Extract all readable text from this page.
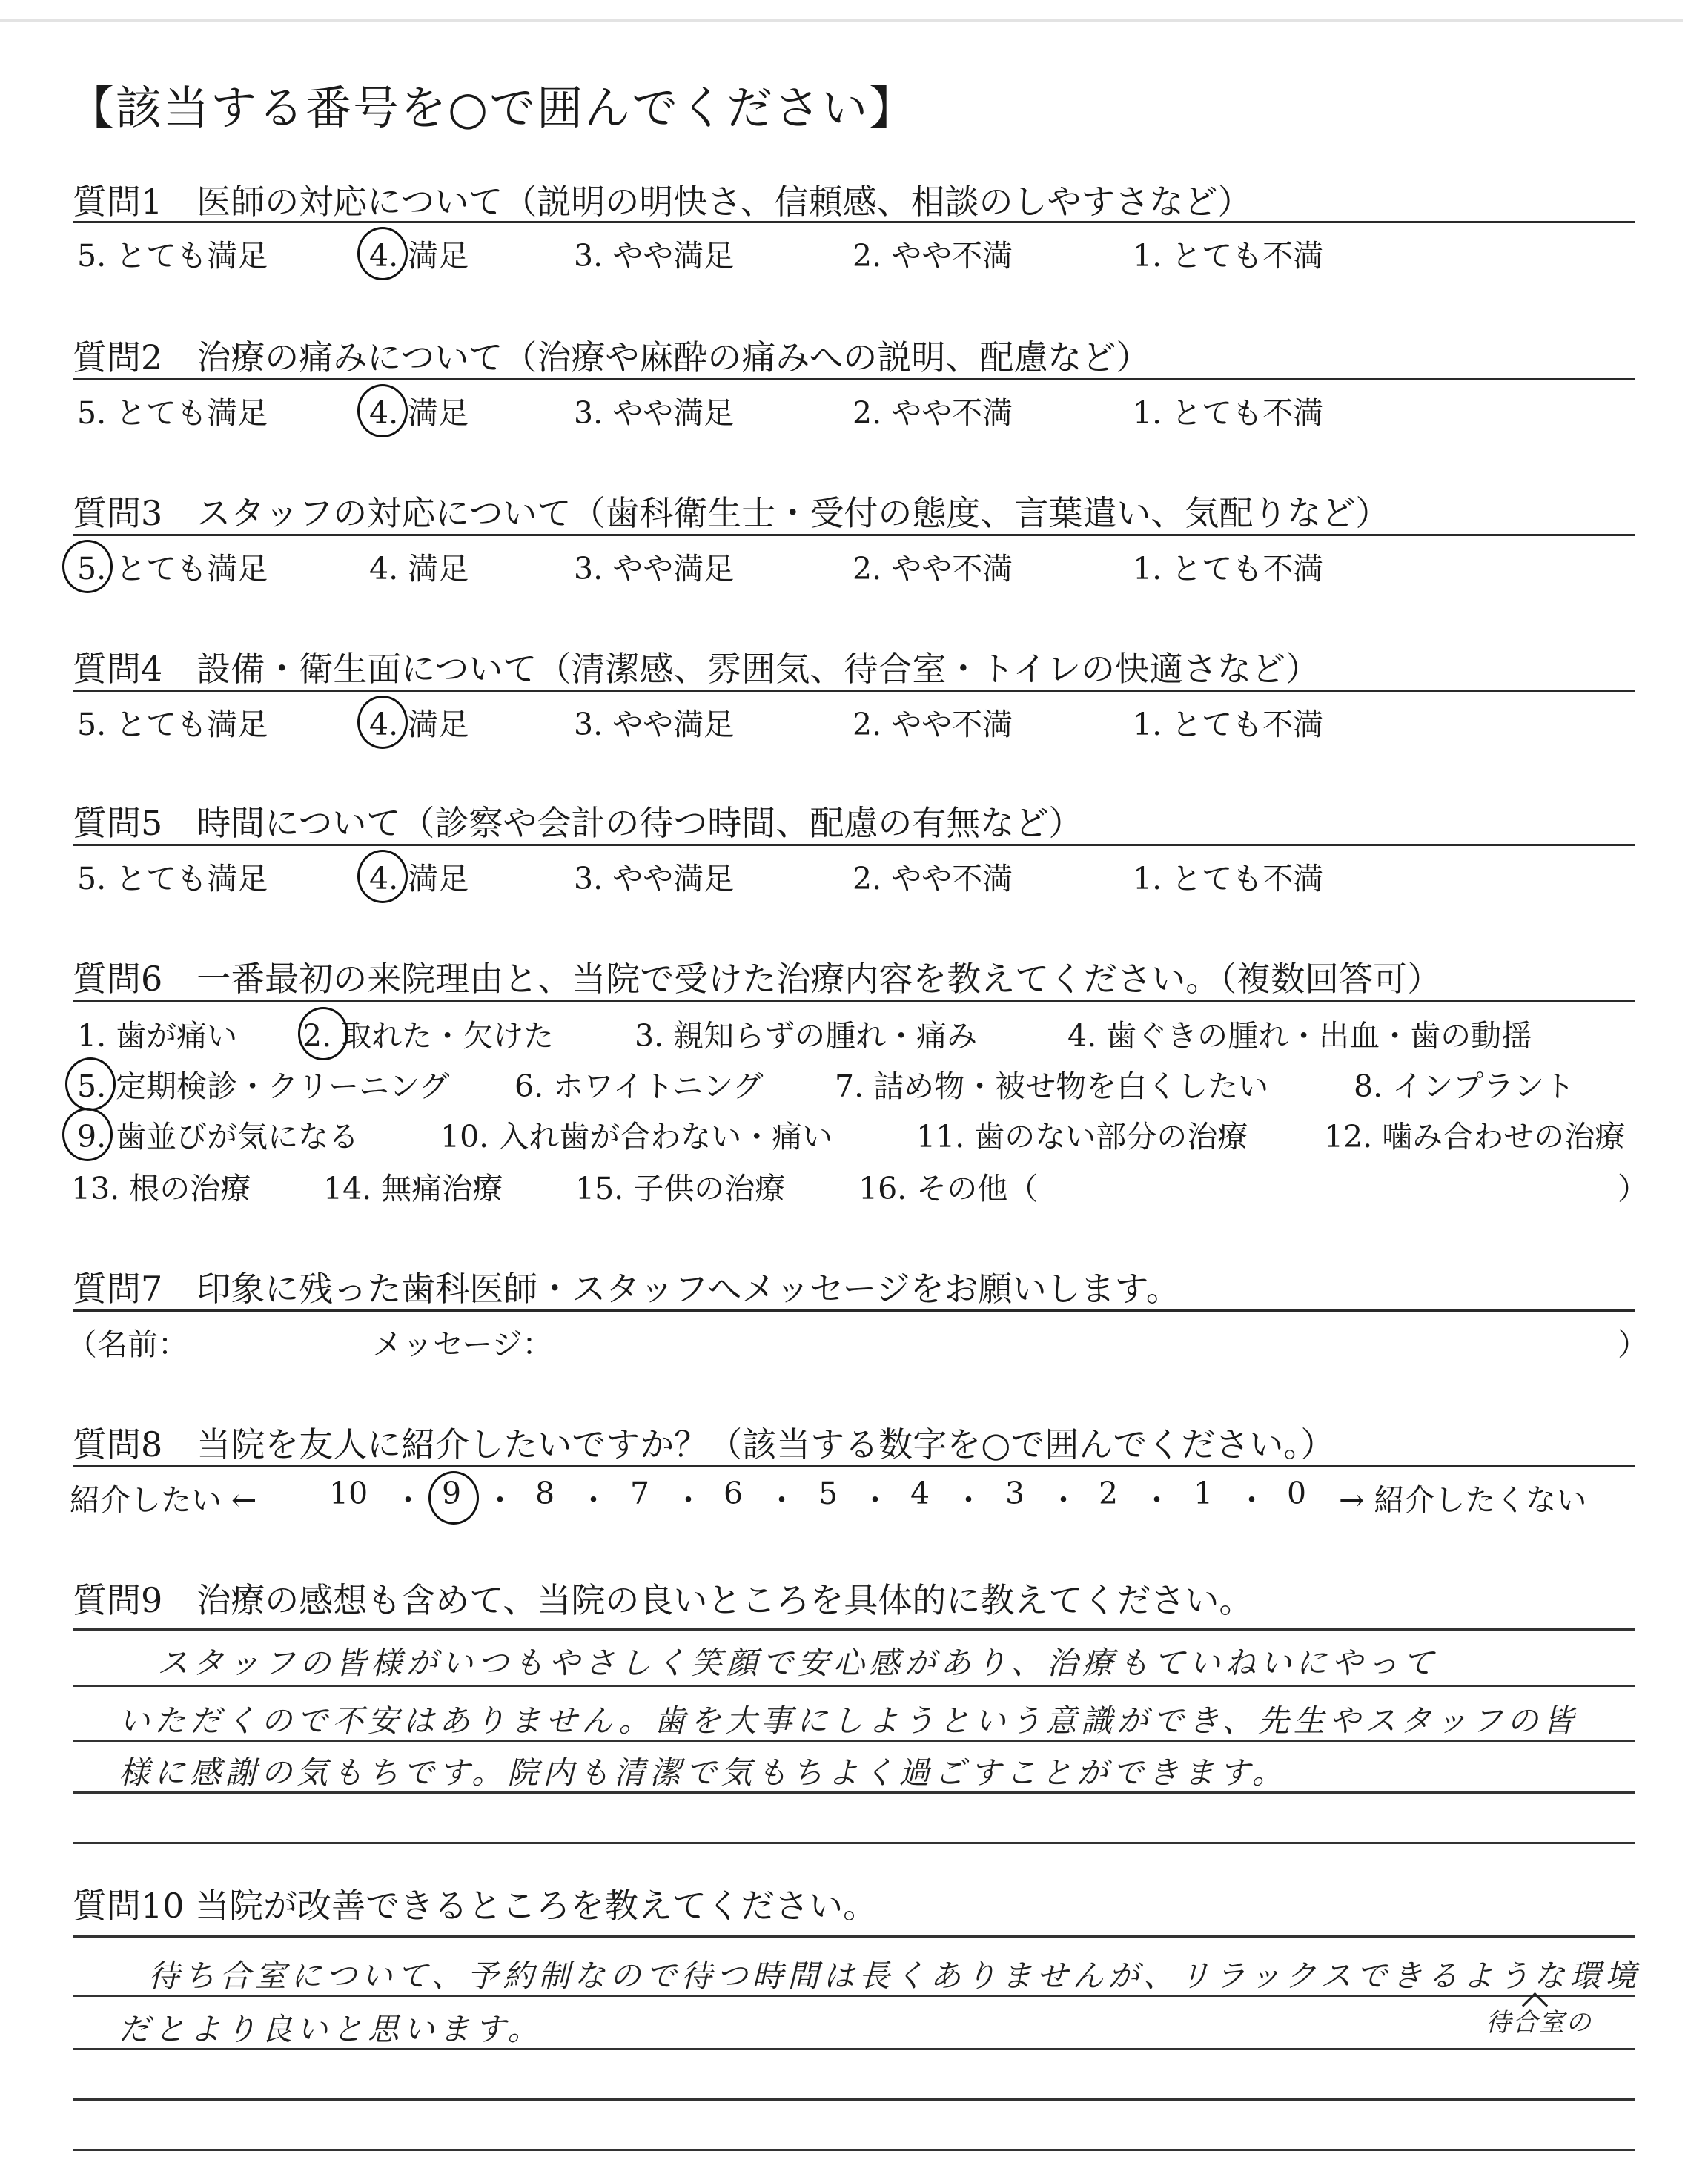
【該当する番号を○で囲んでください】
質問1　医師の対応について（説明の明快さ、信頼感、相談のしやすさなど）
5. とても満足	4. 満足	3. やや満足	2. やや不満	1. とても不満
質問2　治療の痛みについて（治療や麻酔の痛みへの説明、配慮など）
5. とても満足	4. 満足	3. やや満足	2. やや不満	1. とても不満
質問3　スタッフの対応について（歯科衛生士・受付の態度、言葉遣い、気配りなど）
5. とても満足	4. 満足	3. やや満足	2. やや不満	1. とても不満
質問4　設備・衛生面について（清潔感、雰囲気、待合室・トイレの快適さなど）
5. とても満足	4. 満足	3. やや満足	2. やや不満	1. とても不満
質問5　時間について（診察や会計の待つ時間、配慮の有無など）
5. とても満足	4. 満足	3. やや満足	2. やや不満	1. とても不満
質問6　一番最初の来院理由と、当院で受けた治療内容を教えてください。（複数回答可）
1. 歯が痛い 2. 取れた・欠けた	3. 親知らずの腫れ・痛み	4. 歯ぐきの腫れ・出血・歯の動揺
5. 定期検診・クリーニング 6. ホワイトニング 7. 詰め物・被せ物を白くしたい	8. インプラント
9. 歯並びが気になる	10. 入れ歯が合わない・痛い	11. 歯のない部分の治療	12. 噛み合わせの治療
13. 根の治療 14. 無痛治療 15. 子供の治療 16. その他（	）
質問7　印象に残った歯科医師・スタッフへメッセージをお願いします。
（名前：	メッセージ：	）
質問8　当院を友人に紹介したいですか？（該当する数字を○で囲んでください。）
紹介したい ← 10 ・ 9 ・ 8 ・ 7 ・ 6 ・ 5 ・ 4 ・ 3 ・ 2 ・ 1 ・ 0 → 紹介したくない
質問9　治療の感想も含めて、当院の良いところを具体的に教えてください。
スタッフの皆様がいつもやさしく笑顔で安心感があり、治療もていねいにやって
いただくので不安はありません。歯を大事にしようという意識ができ、先生やスタッフの皆
様に感謝の気もちです。院内も清潔で気もちよく過ごすことができます。
質問10 当院が改善できるところを教えてください。
待ち合室について、予約制なので待つ時間は長くありませんが、リラックスできるような環境
だとより良いと思います。	待合室の
